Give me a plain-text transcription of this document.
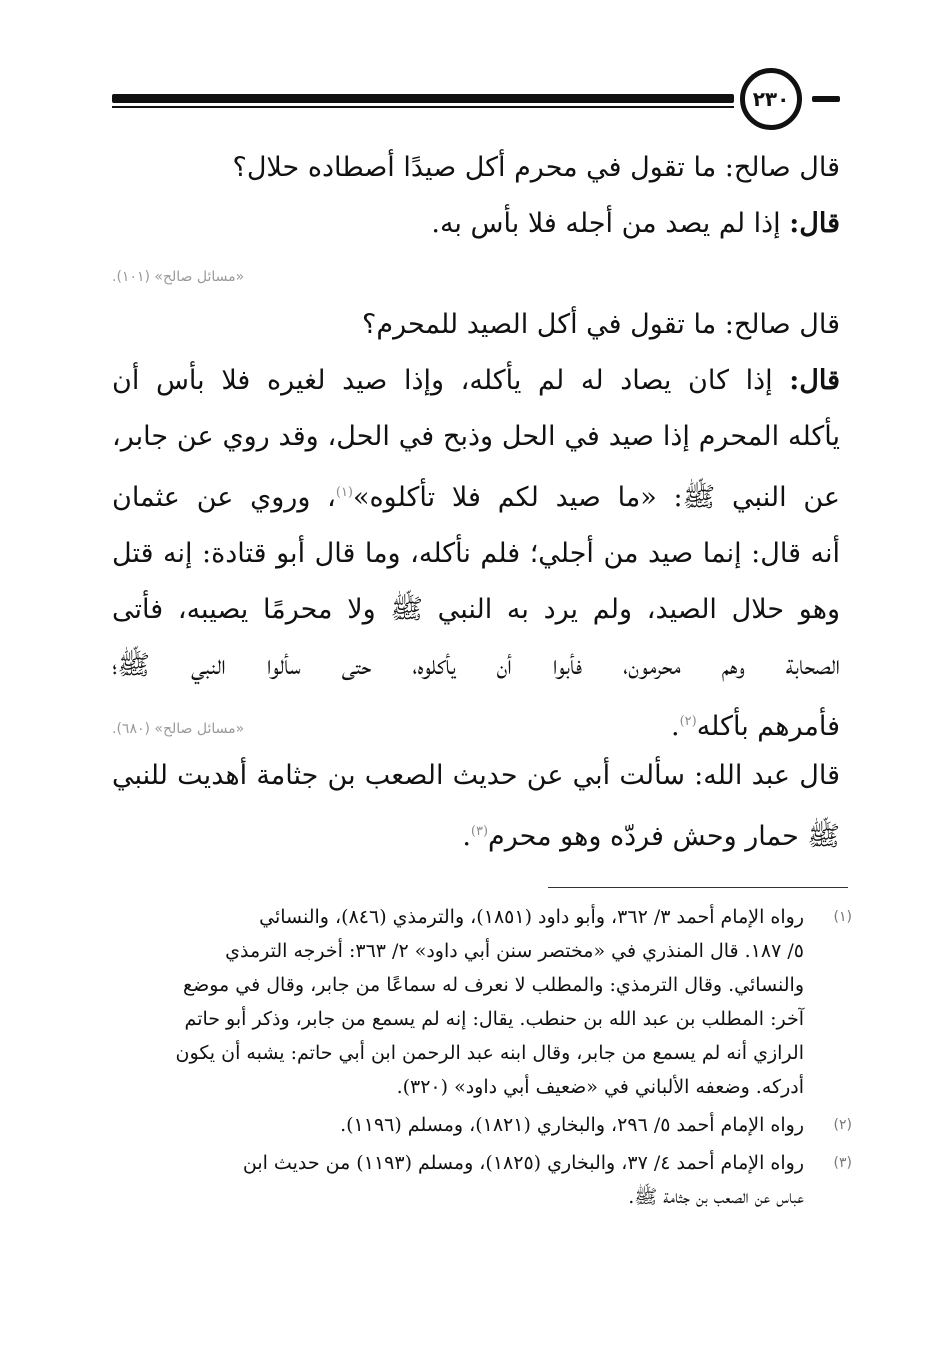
٢٣٠

قال صالح: ما تقول في محرم أكل صيدًا أصطاده حلال؟

قال: إذا لم يصد من أجله فلا بأس به.

«مسائل صالح» (١٠١).

قال صالح: ما تقول في أكل الصيد للمحرم؟

قال: إذا كان يصاد له لم يأكله، وإذا صيد لغيره فلا بأس أن

يأكله المحرم إذا صيد في الحل وذبح في الحل، وقد روي عن جابر،

عن النبي ﷺ: «ما صيد لكم فلا تأكلوه»$^{(١)}$، وروي عن عثمان

أنه قال: إنما صيد من أجلي؛ فلم نأكله، وما قال أبو قتادة: إنه قتل

وهو حلال الصيد، ولم يرد به النبي ﷺ ولا محرمًا يصيبه، فأتى

الصحابة وهم محرمون، فأبوا أن يأكلوه، حتى سألوا النبي ﷺ؛

فأمرهم بأكله$^{(٢)}$.

«مسائل صالح» (٦٨٠).

قال عبد الله: سألت أبي عن حديث الصعب بن جثامة أهديت للنبي

ﷺ حمار وحش فردّه وهو محرم$^{(٣)}$.

(١)

رواه الإمام أحمد ٣/ ٣٦٢، وأبو داود (١٨٥١)، والترمذي (٨٤٦)، والنسائي

٥/ ١٨٧. قال المنذري في «مختصر سنن أبي داود» ٢/ ٣٦٣: أخرجه الترمذي

والنسائي. وقال الترمذي: والمطلب لا نعرف له سماعًا من جابر، وقال في موضع

آخر: المطلب بن عبد الله بن حنطب. يقال: إنه لم يسمع من جابر، وذكر أبو حاتم

الرازي أنه لم يسمع من جابر، وقال ابنه عبد الرحمن ابن أبي حاتم: يشبه أن يكون

أدركه. وضعفه الألباني في «ضعيف أبي داود» (٣٢٠).

(٢)

رواه الإمام أحمد ٥/ ٢٩٦، والبخاري (١٨٢١)، ومسلم (١١٩٦).

(٣)

رواه الإمام أحمد ٤/ ٣٧، والبخاري (١٨٢٥)، ومسلم (١١٩٣) من حديث ابن

عباس عن الصعب بن جثامة ﷺ.
